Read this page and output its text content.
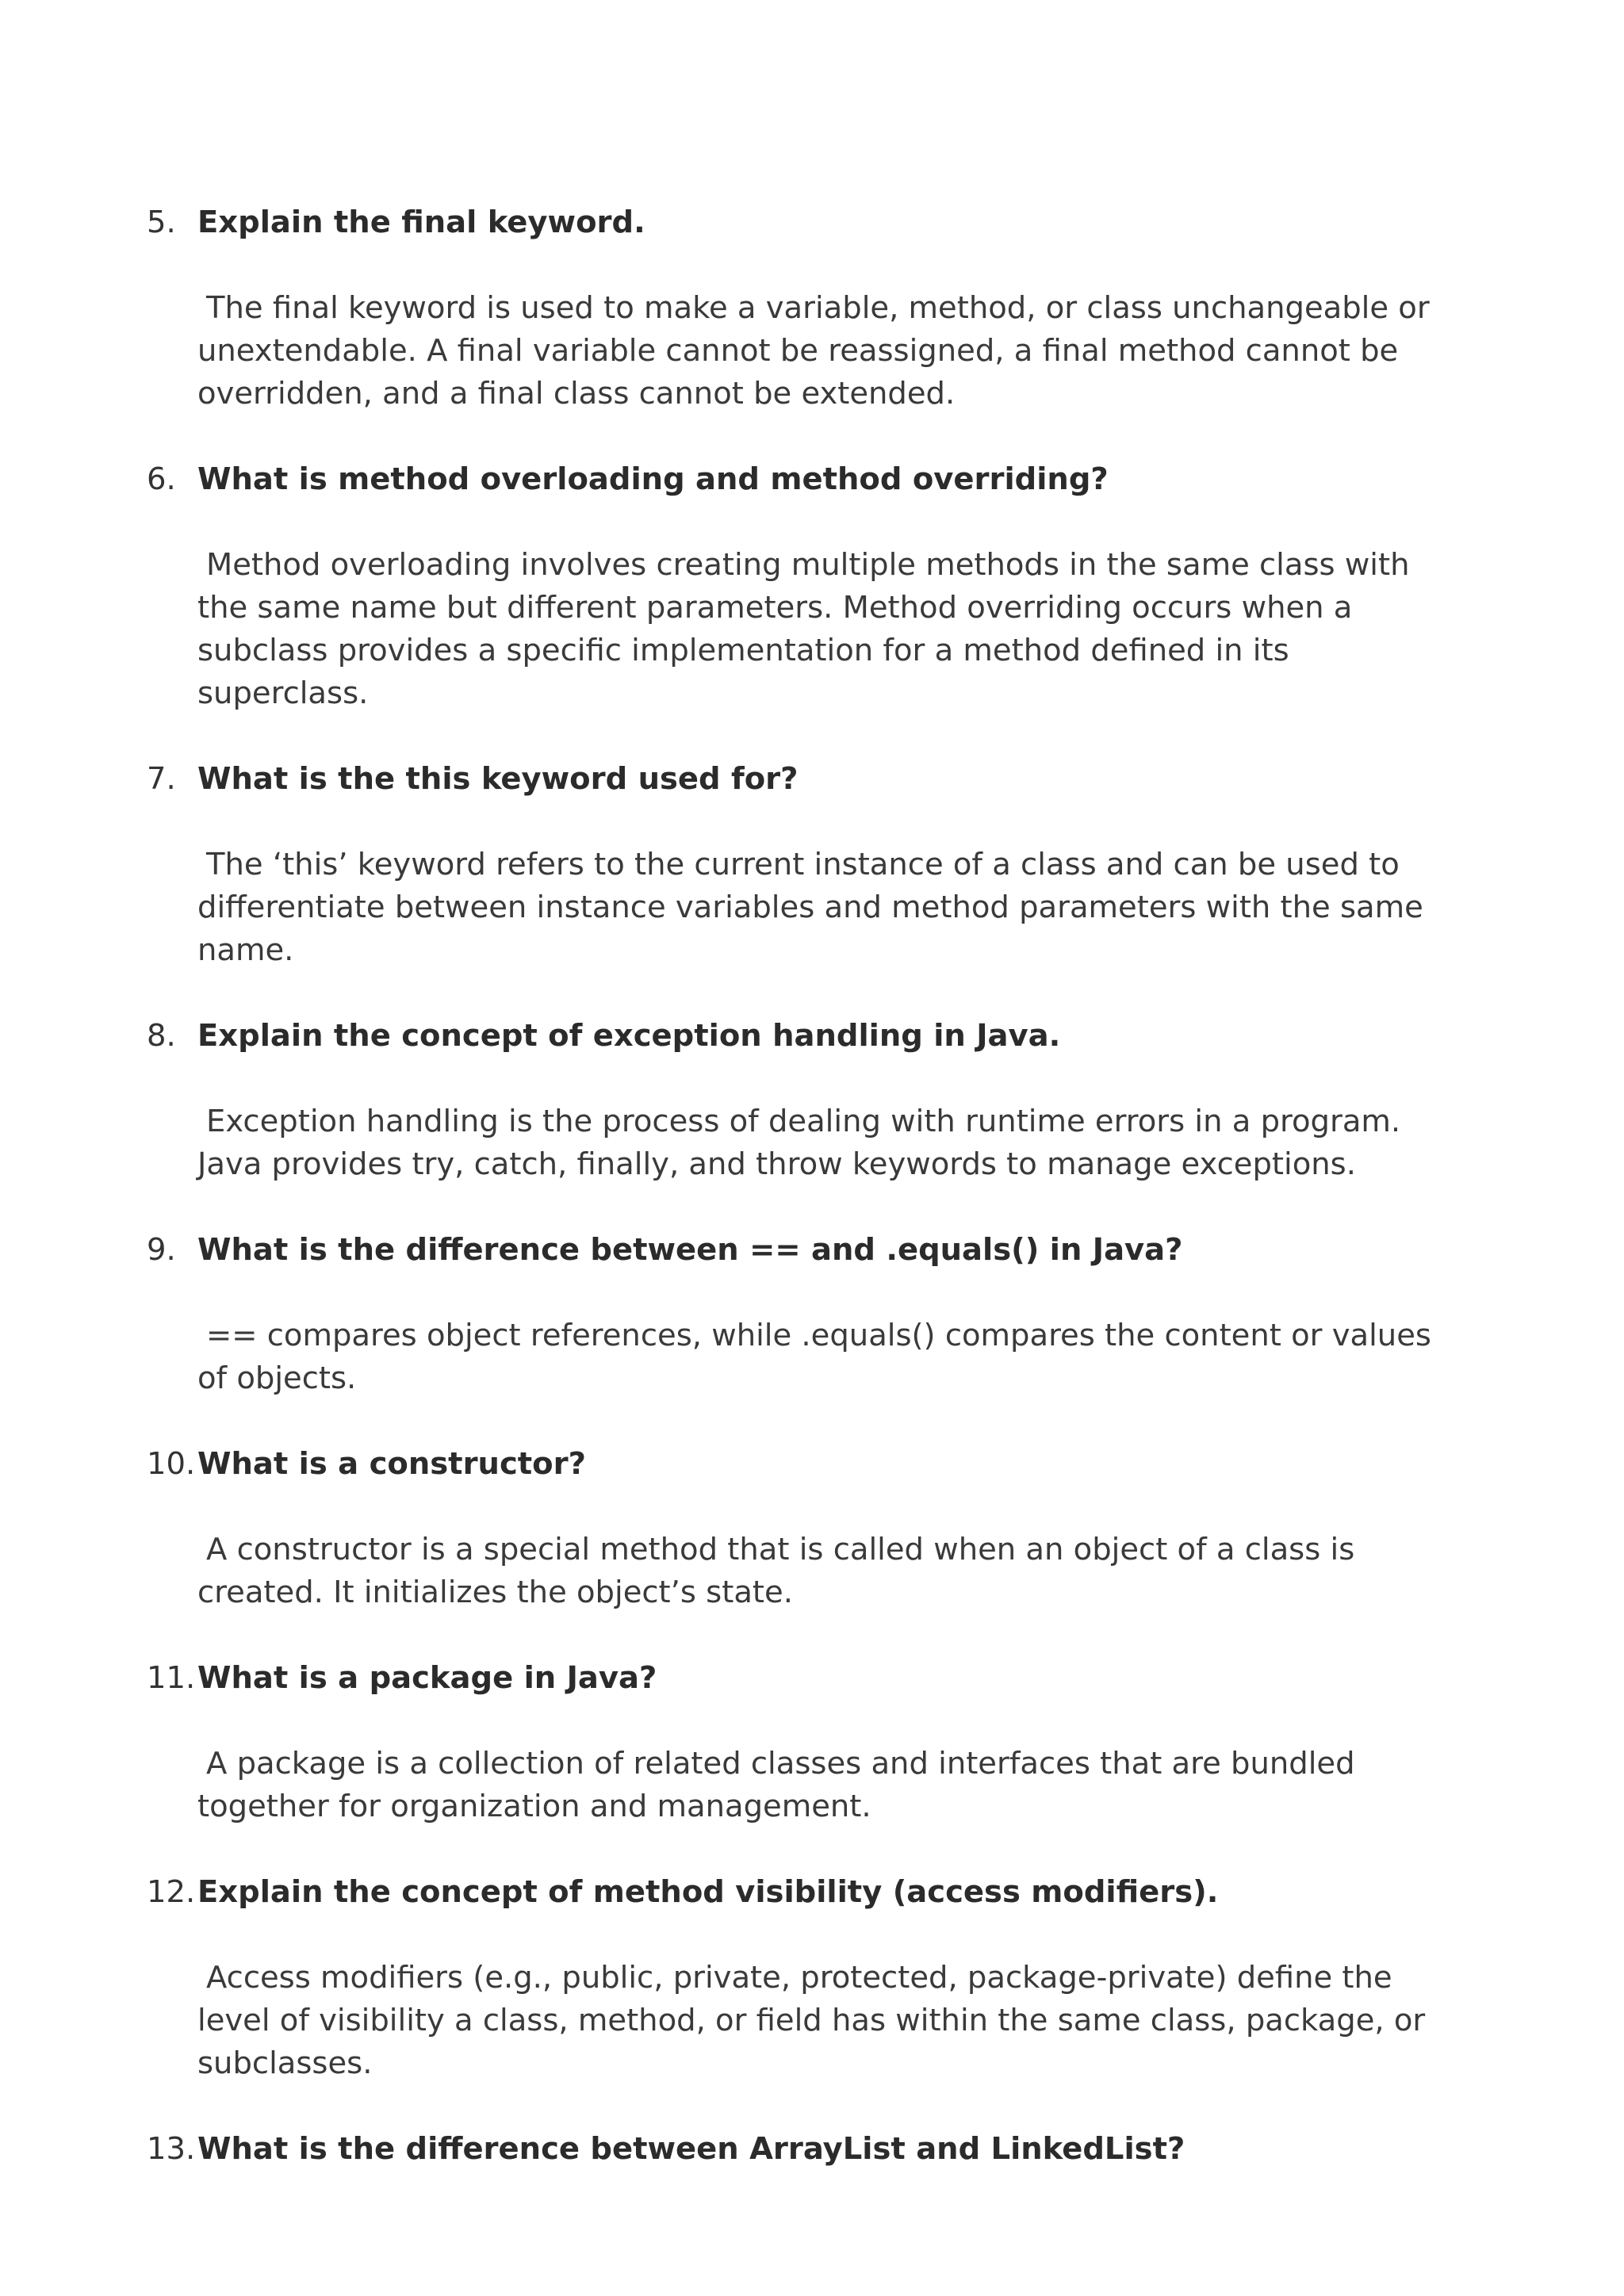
5. Explain the final keyword.

The final keyword is used to make a variable, method, or class unchangeable or unextendable. A final variable cannot be reassigned, a final method cannot be overridden, and a final class cannot be extended.

6. What is method overloading and method overriding?

Method overloading involves creating multiple methods in the same class with the same name but different parameters. Method overriding occurs when a subclass provides a specific implementation for a method defined in its superclass.

7. What is the this keyword used for?

The ‘this’ keyword refers to the current instance of a class and can be used to differentiate between instance variables and method parameters with the same name.

8. Explain the concept of exception handling in Java.

Exception handling is the process of dealing with runtime errors in a program. Java provides try, catch, finally, and throw keywords to manage exceptions.

9. What is the difference between == and .equals() in Java?

== compares object references, while .equals() compares the content or values of objects.

10. What is a constructor?

A constructor is a special method that is called when an object of a class is created. It initializes the object’s state.

11. What is a package in Java?

A package is a collection of related classes and interfaces that are bundled together for organization and management.

12. Explain the concept of method visibility (access modifiers).

Access modifiers (e.g., public, private, protected, package-private) define the level of visibility a class, method, or field has within the same class, package, or subclasses.

13. What is the difference between ArrayList and LinkedList?
